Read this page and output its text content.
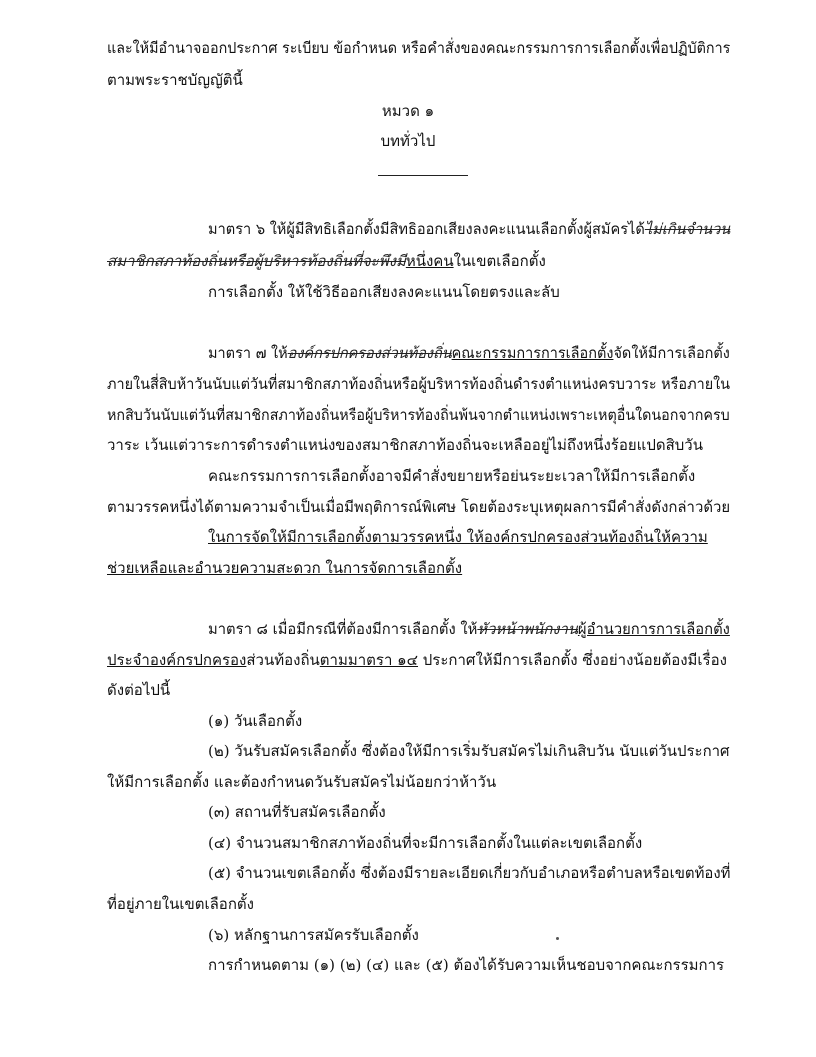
และให้มีอำนาจออกประกาศ ระเบียบ ข้อกำหนด หรือคำสั่งของคณะกรรมการการเลือกตั้งเพื่อปฏิบัติการ
ตามพระราชบัญญัตินี้
หมวด ๑
บททั่วไป
มาตรา ๖ ให้ผู้มีสิทธิเลือกตั้งมีสิทธิออกเสียงลงคะแนนเลือกตั้งผู้สมัครได้ไม่เกินจำนวน
สมาชิกสภาท้องถิ่นหรือผู้บริหารท้องถิ่นที่จะพึงมีหนึ่งคนในเขตเลือกตั้ง
การเลือกตั้ง ให้ใช้วิธีออกเสียงลงคะแนนโดยตรงและลับ
มาตรา ๗ ให้องค์กรปกครองส่วนท้องถิ่นคณะกรรมการการเลือกตั้งจัดให้มีการเลือกตั้ง
ภายในสี่สิบห้าวันนับแต่วันที่สมาชิกสภาท้องถิ่นหรือผู้บริหารท้องถิ่นดำรงตำแหน่งครบวาระ หรือภายใน
หกสิบวันนับแต่วันที่สมาชิกสภาท้องถิ่นหรือผู้บริหารท้องถิ่นพ้นจากตำแหน่งเพราะเหตุอื่นใดนอกจากครบ
วาระ เว้นแต่วาระการดำรงตำแหน่งของสมาชิกสภาท้องถิ่นจะเหลืออยู่ไม่ถึงหนึ่งร้อยแปดสิบวัน
คณะกรรมการการเลือกตั้งอาจมีคำสั่งขยายหรือย่นระยะเวลาให้มีการเลือกตั้ง
ตามวรรคหนึ่งได้ตามความจำเป็นเมื่อมีพฤติการณ์พิเศษ โดยต้องระบุเหตุผลการมีคำสั่งดังกล่าวด้วย
ในการจัดให้มีการเลือกตั้งตามวรรคหนึ่ง ให้องค์กรปกครองส่วนท้องถิ่นให้ความ
ช่วยเหลือและอำนวยความสะดวก ในการจัดการเลือกตั้ง
มาตรา ๘ เมื่อมีกรณีที่ต้องมีการเลือกตั้ง ให้หัวหน้าพนักงานผู้อำนวยการการเลือกตั้ง
ประจำองค์กรปกครองส่วนท้องถิ่นตามมาตรา ๑๔ ประกาศให้มีการเลือกตั้ง ซึ่งอย่างน้อยต้องมีเรื่อง
ดังต่อไปนี้
(๑) วันเลือกตั้ง
(๒) วันรับสมัครเลือกตั้ง ซึ่งต้องให้มีการเริ่มรับสมัครไม่เกินสิบวัน นับแต่วันประกาศ
ให้มีการเลือกตั้ง และต้องกำหนดวันรับสมัครไม่น้อยกว่าห้าวัน
(๓) สถานที่รับสมัครเลือกตั้ง
(๔) จำนวนสมาชิกสภาท้องถิ่นที่จะมีการเลือกตั้งในแต่ละเขตเลือกตั้ง
(๕) จำนวนเขตเลือกตั้ง ซึ่งต้องมีรายละเอียดเกี่ยวกับอำเภอหรือตำบลหรือเขตท้องที่
ที่อยู่ภายในเขตเลือกตั้ง
(๖) หลักฐานการสมัครรับเลือกตั้ง
การกำหนดตาม (๑) (๒) (๔) และ (๕) ต้องได้รับความเห็นชอบจากคณะกรรมการ
